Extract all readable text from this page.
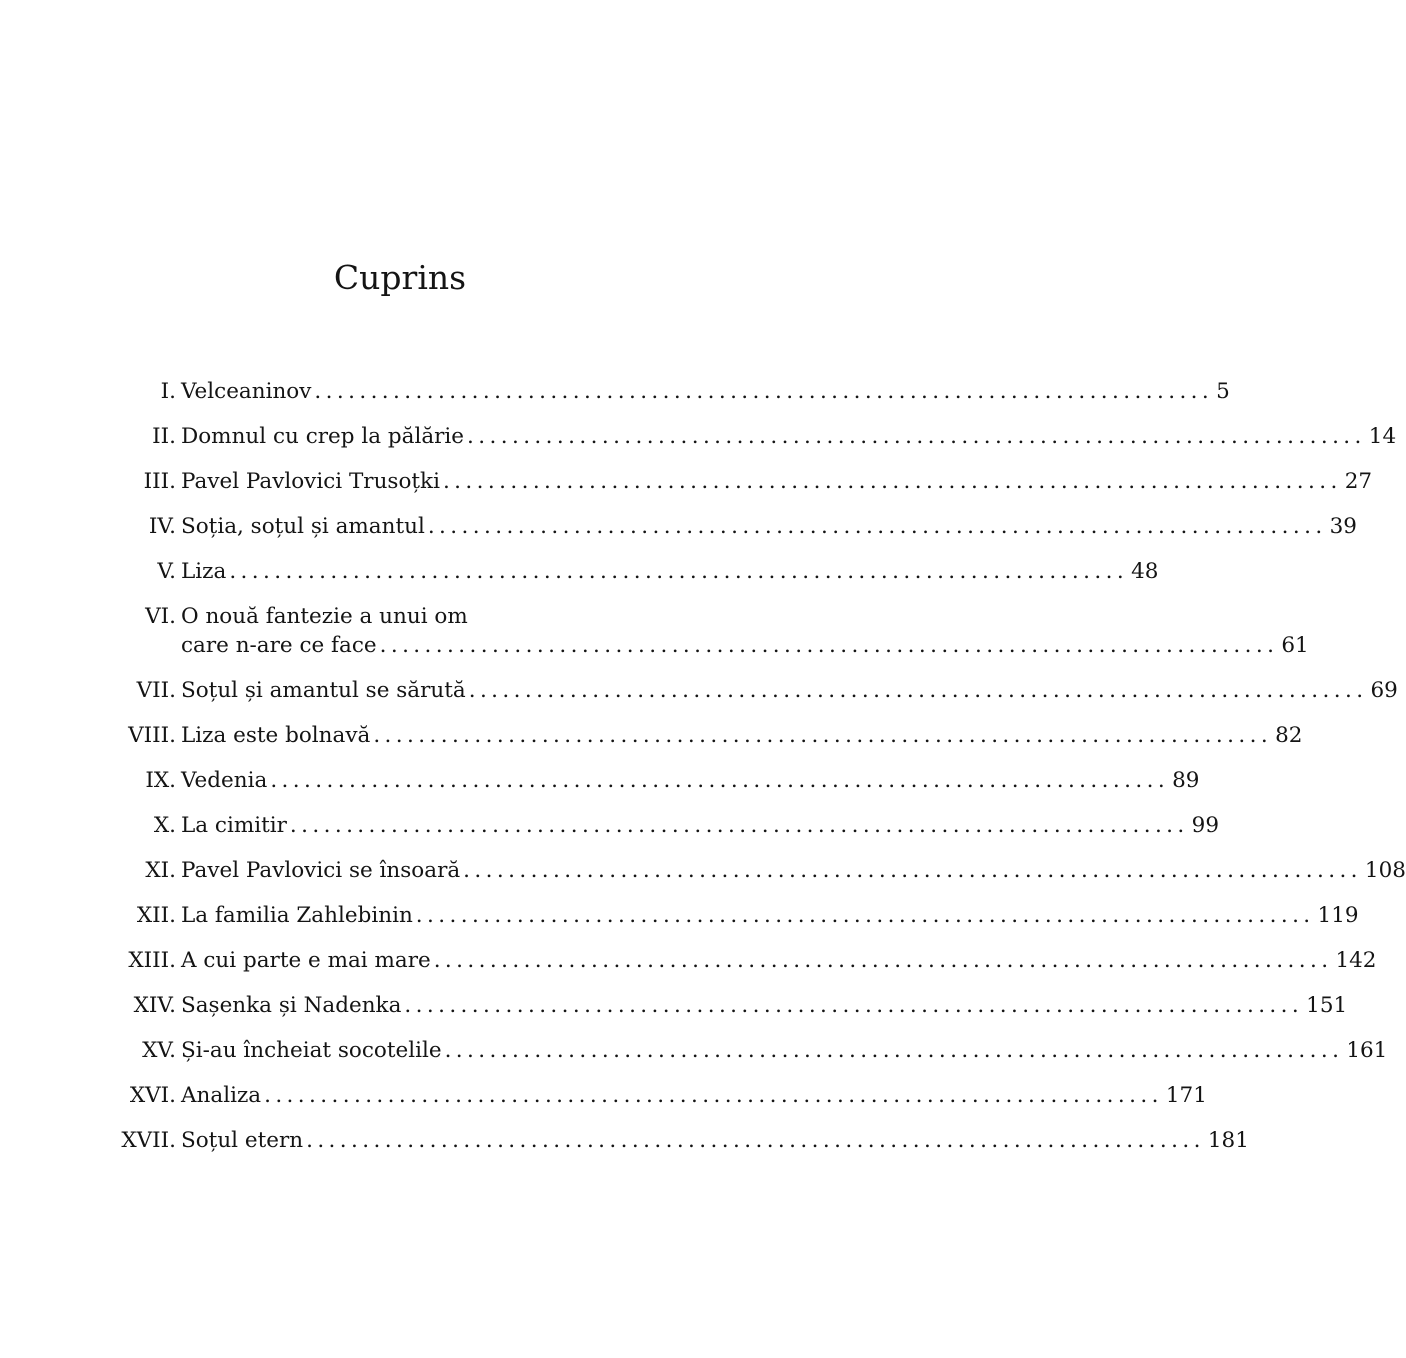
Cuprins
I. Velceaninov ................................................................................ 5
II. Domnul cu crep la pălărie ................................................................................ 14
III. Pavel Pavlovici Trusoțki ................................................................................ 27
IV. Soția, soțul și amantul ................................................................................ 39
V. Liza ................................................................................ 48
VI. O nouă fantezie a unui om
care n-are ce face ................................................................................ 61
VII. Soțul și amantul se sărută ................................................................................ 69
VIII. Liza este bolnavă ................................................................................ 82
IX. Vedenia ................................................................................ 89
X. La cimitir ................................................................................ 99
XI. Pavel Pavlovici se însoară ................................................................................ 108
XII. La familia Zahlebinin ................................................................................ 119
XIII. A cui parte e mai mare ................................................................................ 142
XIV. Sașenka și Nadenka ................................................................................ 151
XV. Și-au încheiat socotelile ................................................................................ 161
XVI. Analiza ................................................................................ 171
XVII. Soțul etern ................................................................................ 181
